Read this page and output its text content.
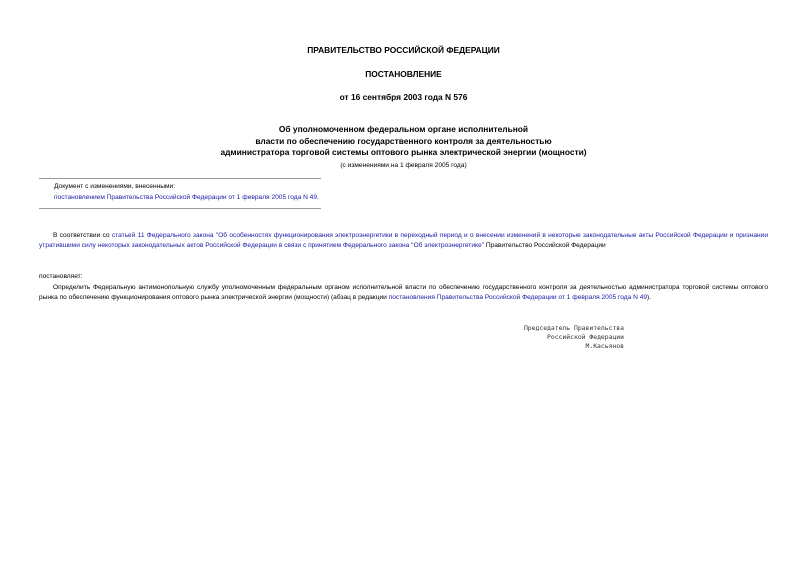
ПРАВИТЕЛЬСТВО РОССИЙСКОЙ ФЕДЕРАЦИИ
ПОСТАНОВЛЕНИЕ
от 16 сентября 2003 года N 576
Об уполномоченном федеральном органе исполнительной
власти по обеспечению государственного контроля за деятельностью
администратора торговой системы оптового рынка электрической энергии (мощности)
(с изменениями на 1 февраля 2005 года)
Документ с изменениями, внесенными:
постановлением Правительства Российской Федерации от 1 февраля 2005 года N 49.
В соответствии со статьей 11 Федерального закона "Об особенностях функционирования электроэнергетики в переходный период и о внесении изменений в некоторые законодательные акты Российской Федерации и признании утратившими силу некоторых законодательных актов Российской Федерации в связи с принятием Федерального закона "Об электроэнергетике" Правительство Российской Федерации
постановляет:
Определить Федеральную антимонопольную службу уполномоченным федеральным органом исполнительной власти по обеспечению государственного контроля за деятельностью администратора торговой системы оптового рынка по обеспечению функционирования оптового рынка электрической энергии (мощности) (абзац в редакции постановления Правительства Российской Федерации от 1 февраля 2005 года N 49).
Председатель Правительства
Российской Федерации
М.Касьянов
